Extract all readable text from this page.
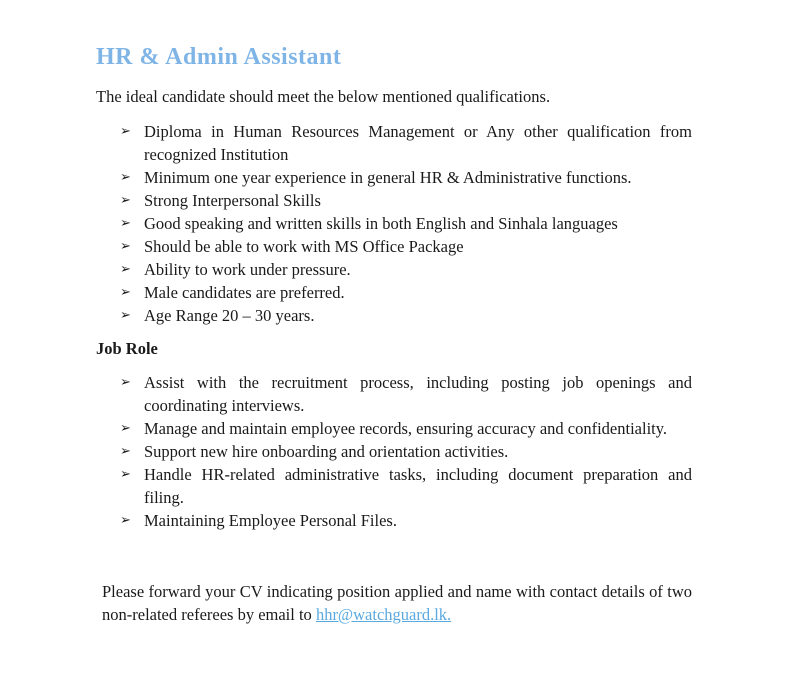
HR & Admin Assistant

The ideal candidate should meet the below mentioned qualifications.

➢ Diploma in Human Resources Management or Any other qualification from recognized Institution
➢ Minimum one year experience in general HR & Administrative functions.
➢ Strong Interpersonal Skills
➢ Good speaking and written skills in both English and Sinhala languages
➢ Should be able to work with MS Office Package
➢ Ability to work under pressure.
➢ Male candidates are preferred.
➢ Age Range 20 – 30 years.
Job Role
➢ Assist with the recruitment process, including posting job openings and coordinating interviews.
➢ Manage and maintain employee records, ensuring accuracy and confidentiality.
➢ Support new hire onboarding and orientation activities.
➢ Handle HR-related administrative tasks, including document preparation and filing.
➢ Maintaining Employee Personal Files.

Please forward your CV indicating position applied and name with contact details of two non-related referees by email to hhr@watchguard.lk.
